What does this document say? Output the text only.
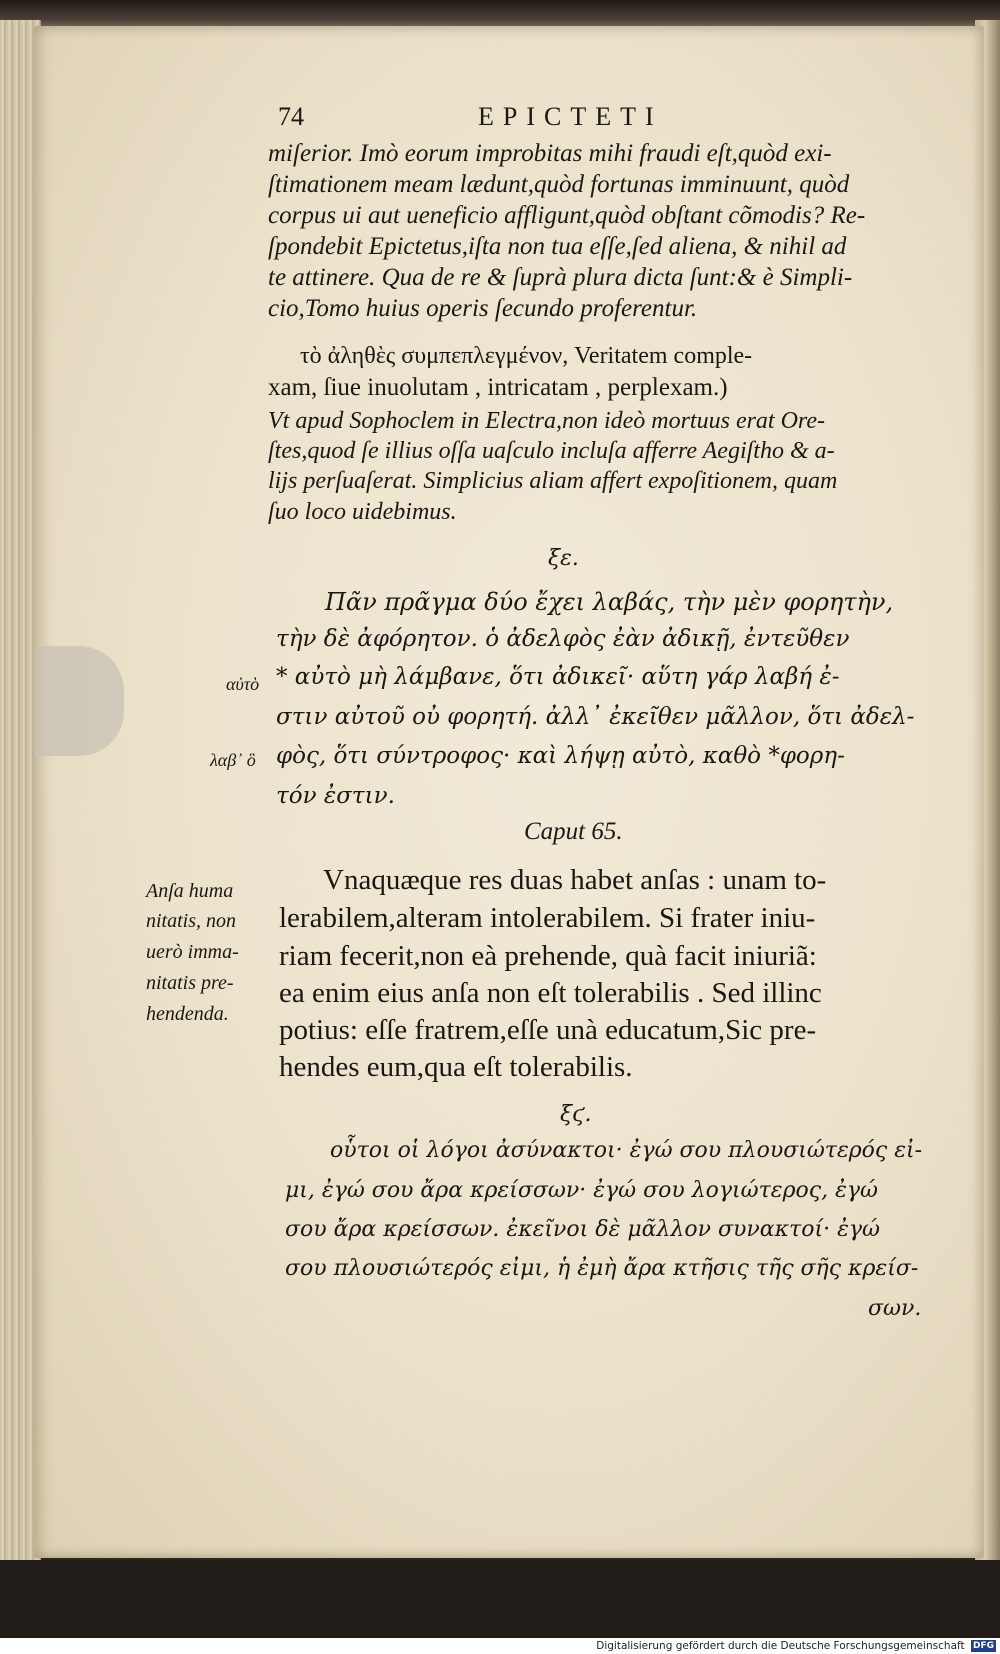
74	EPICTETI

miſerior. Imò eorum improbitas mihi fraudi eſt,quòd exi-

ſtimationem meam lædunt,quòd fortunas imminuunt, quòd

corpus ui aut ueneficio affligunt,quòd obſtant cõmodis? Re-

ſpondebit Epictetus,iſta non tua eſſe,ſed aliena, & nihil ad

te attinere. Qua de re & ſuprà plura dicta ſunt:& è Simpli-

cio,Tomo huius operis ſecundo proferentur.

τὸ ἀληθὲς συμπεπλεγμένον, Veritatem comple-

xam, ſiue inuolutam , intricatam , perplexam.)

Vt apud Sophoclem in Electra,non ideò mortuus erat Ore-

ſtes,quod ſe illius oſſa uaſculo incluſa afferre Aegiſtho & a-

lijs perſuaſerat. Simplicius aliam affert expoſitionem, quam

ſuo loco uidebimus.

ξε.

Πᾶν πρᾶγμα δύο ἔχει λαβάς, τὴν μὲν φορητὴν,

τὴν δὲ ἀφόρητον. ὁ ἀδελφὸς ἐὰν ἀδικῇ, ἐντεῦθεν

* αὐτὸ μὴ λάμβανε, ὅτι ἀδικεῖ· αὕτη γάρ λαβή ἐ-

στιν αὐτοῦ οὐ φορητή. ἀλλ᾽ ἐκεῖθεν μᾶλλον, ὅτι ἀδελ-

φὸς, ὅτι σύντροφος· καὶ λήψῃ αὐτὸ, καθὸ *φορη-

τόν ἐστιν.

αὐτὸ
λαβ᾽ ὃ

Caput 65.

Vnaquæque res duas habet anſas : unam to-

lerabilem,alteram intolerabilem. Si frater iniu-

riam fecerit,non eà prehende, quà facit iniuriã:

ea enim eius anſa non eſt tolerabilis . Sed illinc

potius: eſſe fratrem,eſſe unà educatum,Sic pre-

hendes eum,qua eſt tolerabilis.

Anſa huma
nitatis, non
uerò imma-
nitatis pre-
hendenda.

ξϛ.

οὗτοι οἱ λόγοι ἀσύνακτοι· ἐγώ σου πλουσιώτερός εἰ-

μι, ἐγώ σου ἄρα κρείσσων· ἐγώ σου λογιώτερος, ἐγώ

σου ἄρα κρείσσων. ἐκεῖνοι δὲ μᾶλλον συνακτοί· ἐγώ

σου πλουσιώτερός εἰμι, ἡ ἐμὴ ἄρα κτῆσις τῆς σῆς κρείσ-

σων.

Digitalisierung gefördert durch die Deutsche Forschungsgemeinschaft DFG
